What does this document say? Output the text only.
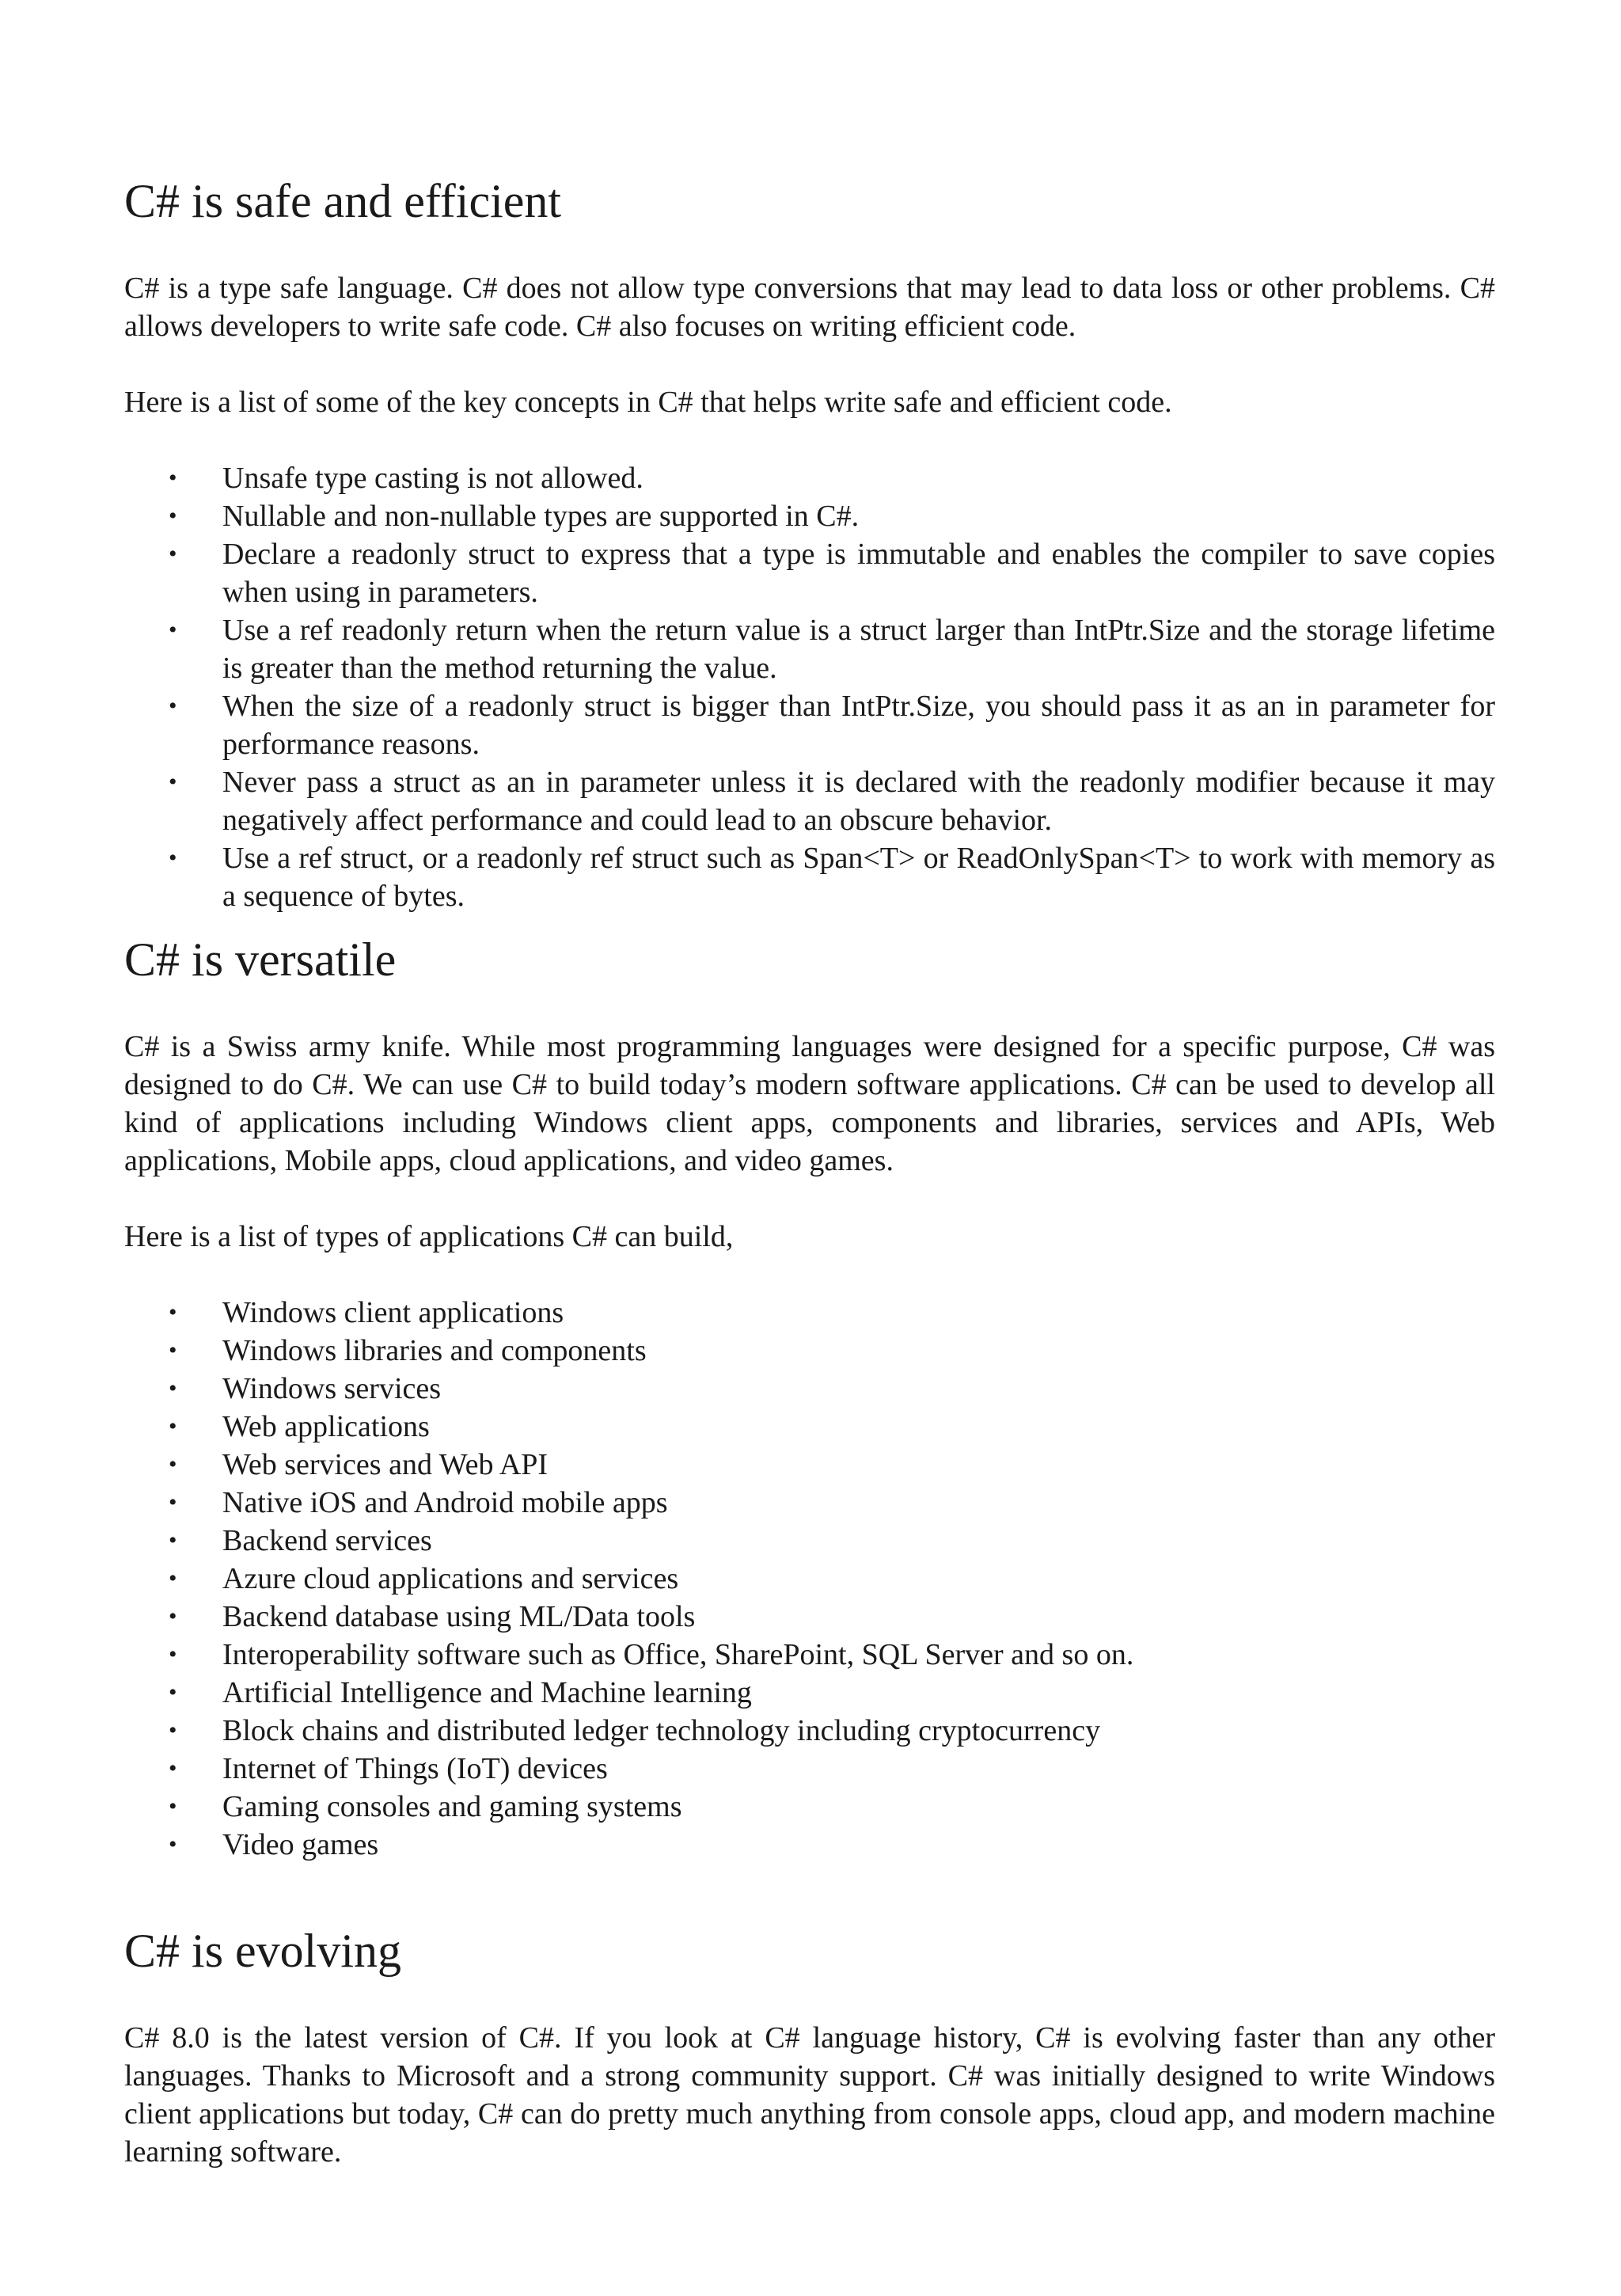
C# is safe and efficient

C# is a type safe language. C# does not allow type conversions that may lead to data loss or other problems. C# allows developers to write safe code. C# also focuses on writing efficient code.

Here is a list of some of the key concepts in C# that helps write safe and efficient code.

• Unsafe type casting is not allowed.
• Nullable and non-nullable types are supported in C#.
• Declare a readonly struct to express that a type is immutable and enables the compiler to save copies when using in parameters.
• Use a ref readonly return when the return value is a struct larger than IntPtr.Size and the storage lifetime is greater than the method returning the value.
• When the size of a readonly struct is bigger than IntPtr.Size, you should pass it as an in parameter for performance reasons.
• Never pass a struct as an in parameter unless it is declared with the readonly modifier because it may negatively affect performance and could lead to an obscure behavior.
• Use a ref struct, or a readonly ref struct such as Span<T> or ReadOnlySpan<T> to work with memory as a sequence of bytes.
C# is versatile

C# is a Swiss army knife. While most programming languages were designed for a specific purpose, C# was designed to do C#. We can use C# to build today’s modern software applications. C# can be used to develop all kind of applications including Windows client apps, components and libraries, services and APIs, Web applications, Mobile apps, cloud applications, and video games.

Here is a list of types of applications C# can build,

• Windows client applications
• Windows libraries and components
• Windows services
• Web applications
• Web services and Web API
• Native iOS and Android mobile apps
• Backend services
• Azure cloud applications and services
• Backend database using ML/Data tools
• Interoperability software such as Office, SharePoint, SQL Server and so on.
• Artificial Intelligence and Machine learning
• Block chains and distributed ledger technology including cryptocurrency
• Internet of Things (IoT) devices
• Gaming consoles and gaming systems
• Video games
C# is evolving

C# 8.0 is the latest version of C#. If you look at C# language history, C# is evolving faster than any other languages. Thanks to Microsoft and a strong community support. C# was initially designed to write Windows client applications but today, C# can do pretty much anything from console apps, cloud app, and modern machine learning software.
